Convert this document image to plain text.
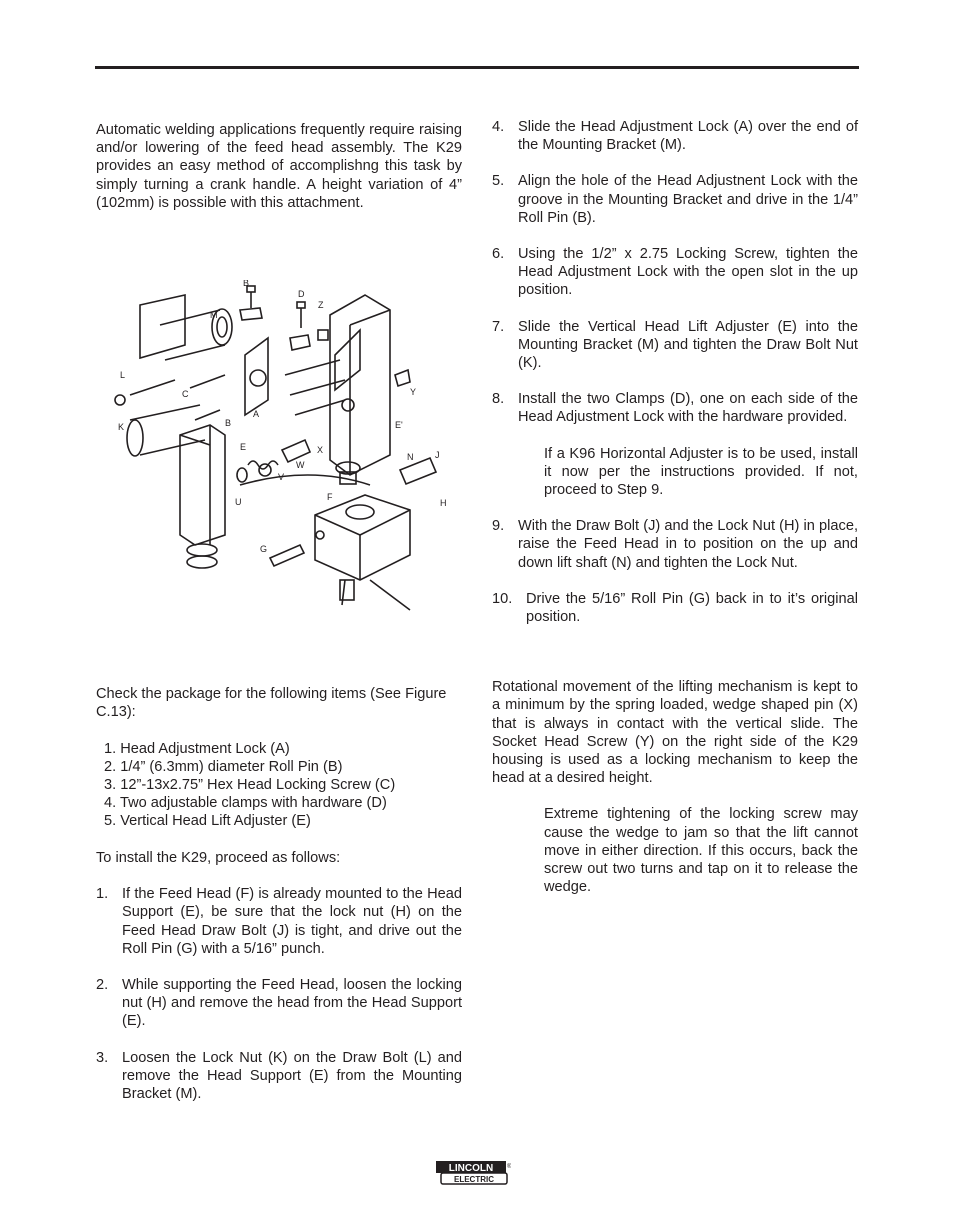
Automatic welding applications frequently require raising and/or lowering of the feed head assembly. The K29 provides an easy method of accomplishng this task by simply turning a crank handle. A height variation of 4” (102mm) is possible with this attachment.

M
B
D
Z
A
L
C
K	B
E
V
W
X
U
Y
F
N J
H
G
E'

Check the package for the following items (See Figure C.13):

1. Head Adjustment Lock (A)
2. 1/4” (6.3mm) diameter Roll Pin (B)
3. 12”-13x2.75” Hex Head Locking Screw (C)
4. Two adjustable clamps with hardware (D)
5. Vertical Head Lift Adjuster (E)

To install the K29, proceed as follows:

1. If the Feed Head (F) is already mounted to the Head Support (E), be sure that the lock nut (H) on the Feed Head Draw Bolt (J) is tight, and drive out the Roll Pin (G) with a 5/16” punch.
2. While supporting the Feed Head, loosen the locking nut (H) and remove the head from the Head Support (E).
3. Loosen the Lock Nut (K) on the Draw Bolt (L) and remove the Head Support (E) from the Mounting Bracket (M).
4. Slide the Head Adjustment Lock (A) over the end of the Mounting Bracket (M).
5. Align the hole of the Head Adjustnent Lock with the groove in the Mounting Bracket and drive in the 1/4” Roll Pin (B).
6. Using the 1/2” x 2.75 Locking Screw, tighten the Head Adjustment Lock with the open slot in the up position.
7. Slide the Vertical Head Lift Adjuster (E) into the Mounting Bracket (M) and tighten the Draw Bolt Nut (K).
8. Install the two Clamps (D), one on each side of the Head Adjustment Lock with the hardware provided.

If a K96 Horizontal Adjuster is to be used, install it now per the instructions provided. If not, proceed to Step 9.

9. With the Draw Bolt (J) and the Lock Nut (H) in place, raise the Feed Head in to position on the up and down lift shaft (N) and tighten the Lock Nut.
10. Drive the 5/16” Roll Pin (G) back in to it’s original position.

Rotational movement of the lifting mechanism is kept to a minimum by the spring loaded, wedge shaped pin (X) that is always in contact with the vertical slide. The Socket Head Screw (Y) on the right side of the K29 housing is used as a locking mechanism to keep the head at a desired height.

Extreme tightening of the locking screw may cause the wedge to jam so that the lift cannot move in either direction. If this occurs, back the screw out two turns and tap on it to release the wedge.

LINCOLN
ELECTRIC
®
